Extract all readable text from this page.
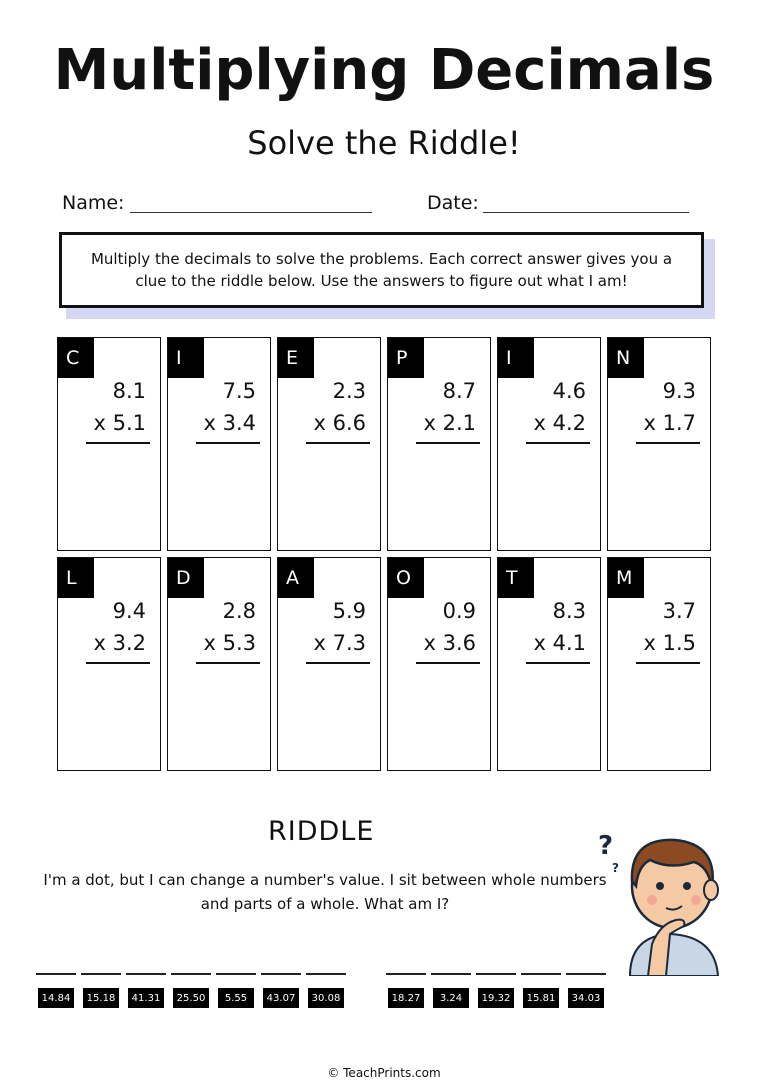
Multiplying Decimals
Solve the Riddle!
Name:	Date:
Multiply the decimals to solve the problems. Each correct answer gives you a clue to the riddle below. Use the answers to figure out what I am!
C
8.1
x 5.1
I
7.5
x 3.4
E
2.3
x 6.6
P
8.7
x 2.1
I
4.6
x 4.2
N
9.3
x 1.7
L
9.4
x 3.2
D
2.8
x 5.3
A
5.9
x 7.3
O
0.9
x 3.6
T
8.3
x 4.1
M
3.7
x 1.5
RIDDLE
I'm a dot, but I can change a number's value. I sit between whole numbers and parts of a whole. What am I?
?
?
14.84	15.18	41.31	25.50	5.55	43.07	30.08	18.27	3.24	19.32	15.81	34.03
© TeachPrints.com
